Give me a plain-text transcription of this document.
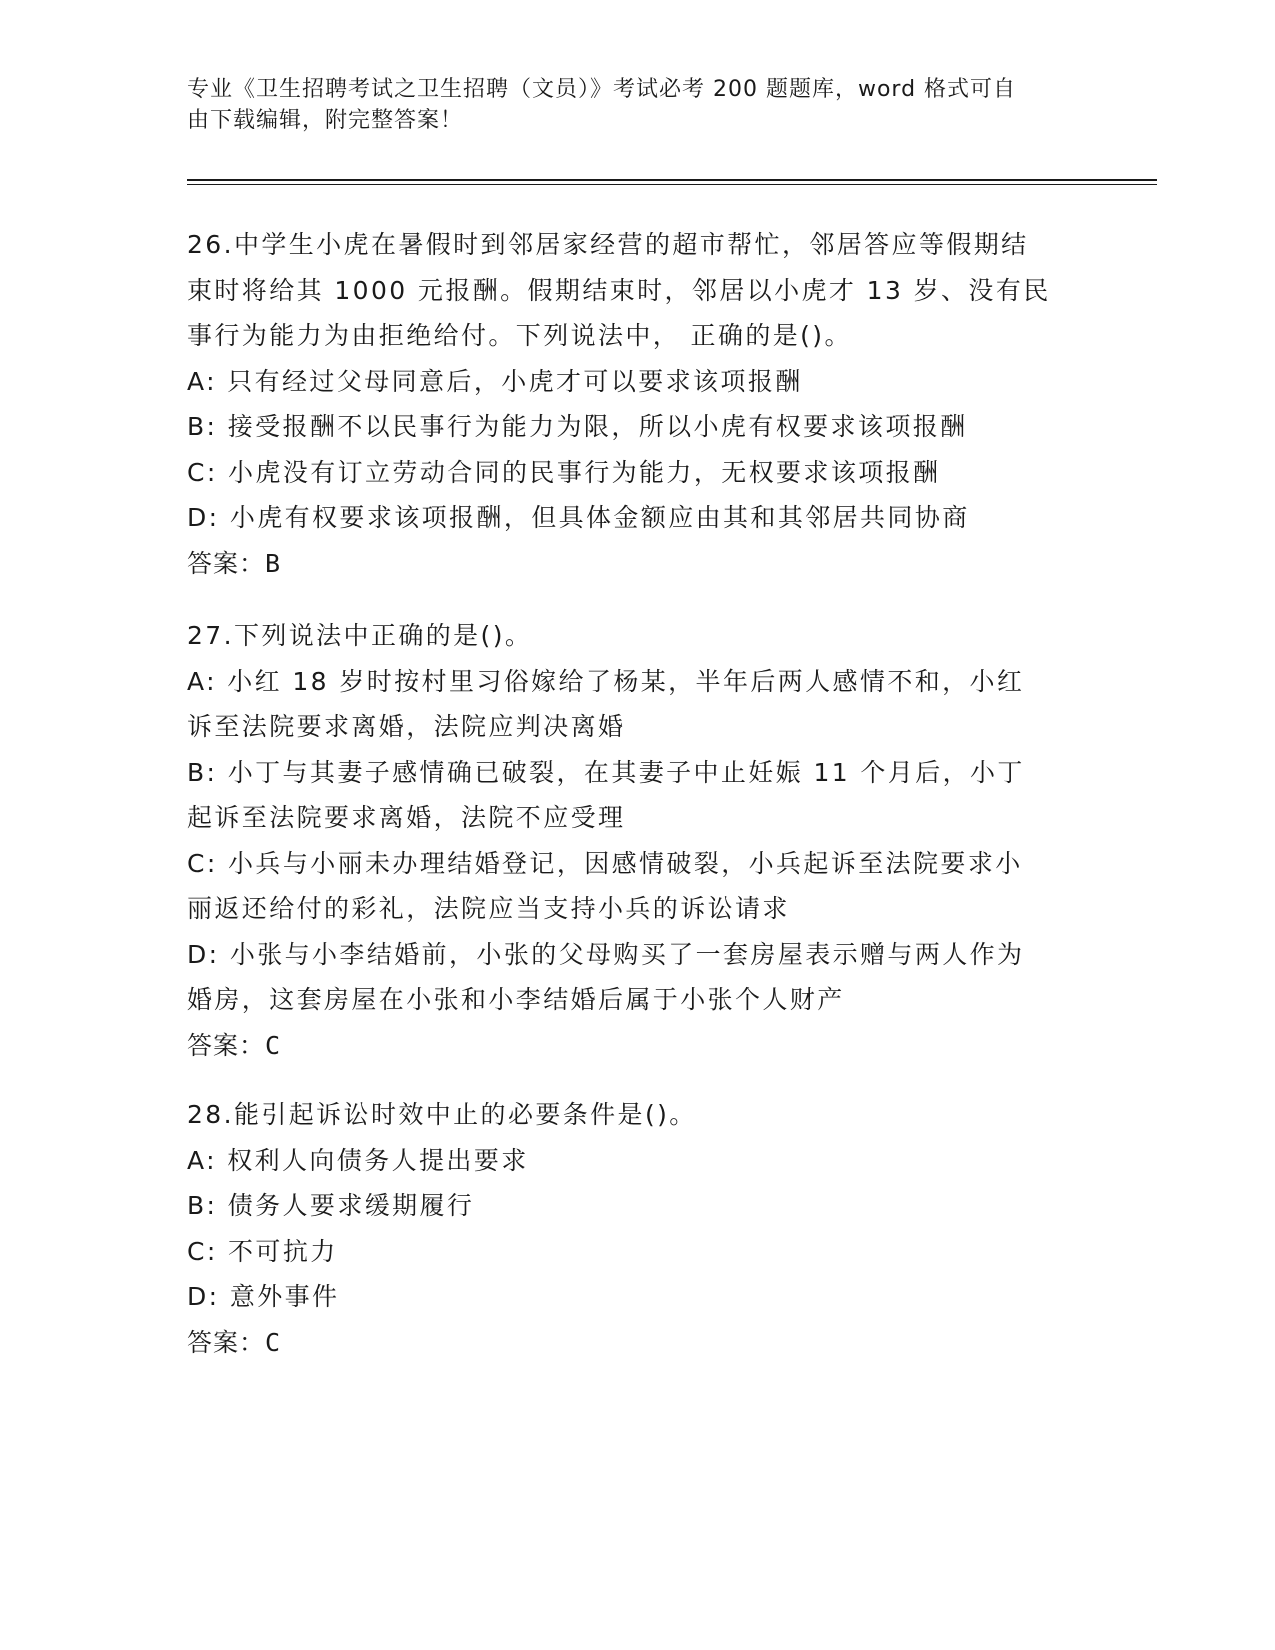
专业《卫生招聘考试之卫生招聘（文员）》考试必考 200 题题库，word 格式可自
由下载编辑，附完整答案！
26.中学生小虎在暑假时到邻居家经营的超市帮忙，邻居答应等假期结
束时将给其 1000 元报酬。假期结束时，邻居以小虎才 13 岁、没有民
事行为能力为由拒绝给付。下列说法中， 正确的是()。
A: 只有经过父母同意后，小虎才可以要求该项报酬
B: 接受报酬不以民事行为能力为限，所以小虎有权要求该项报酬
C: 小虎没有订立劳动合同的民事行为能力，无权要求该项报酬
D: 小虎有权要求该项报酬，但具体金额应由其和其邻居共同协商
答案：B
27.下列说法中正确的是()。
A: 小红 18 岁时按村里习俗嫁给了杨某，半年后两人感情不和，小红
诉至法院要求离婚，法院应判决离婚
B: 小丁与其妻子感情确已破裂，在其妻子中止妊娠 11 个月后，小丁
起诉至法院要求离婚，法院不应受理
C: 小兵与小丽未办理结婚登记，因感情破裂，小兵起诉至法院要求小
丽返还给付的彩礼，法院应当支持小兵的诉讼请求
D: 小张与小李结婚前，小张的父母购买了一套房屋表示赠与两人作为
婚房，这套房屋在小张和小李结婚后属于小张个人财产
答案：C
28.能引起诉讼时效中止的必要条件是()。
A: 权利人向债务人提出要求
B: 债务人要求缓期履行
C: 不可抗力
D: 意外事件
答案：C
